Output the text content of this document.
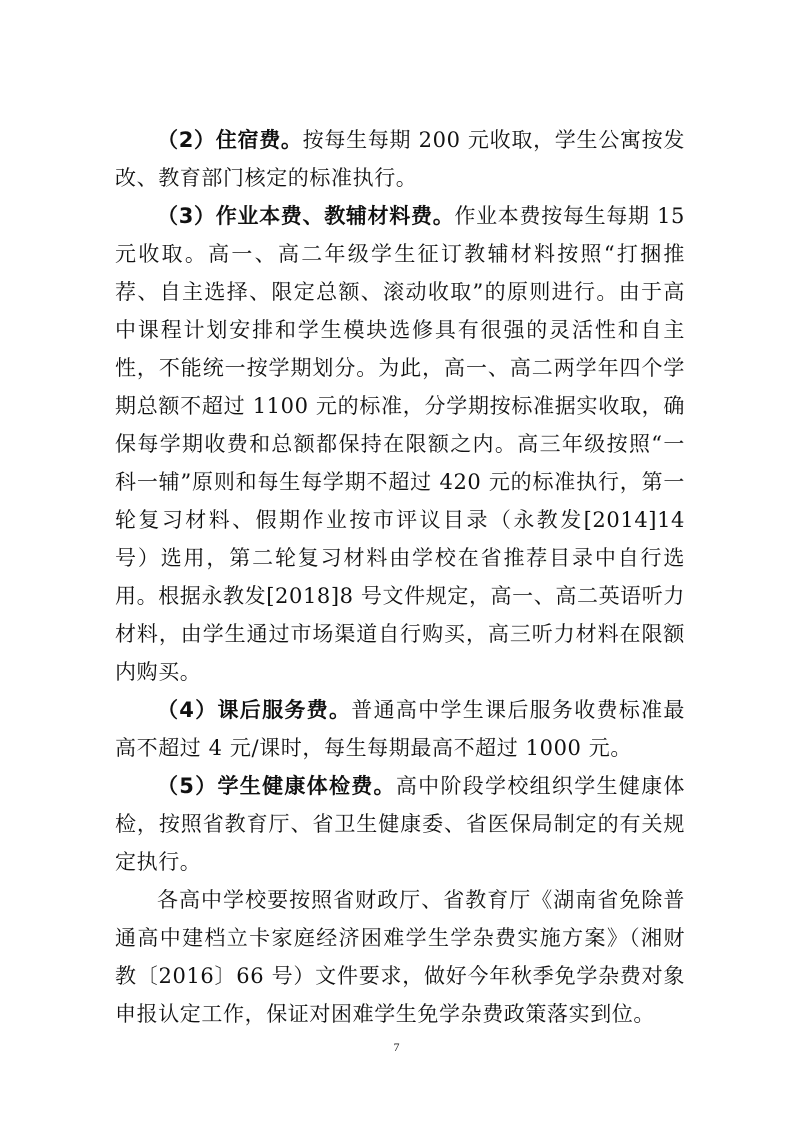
（2）住宿费。按每生每期 200 元收取，学生公寓按发改、教育部门核定的标准执行。

（3）作业本费、教辅材料费。作业本费按每生每期 15 元收取。高一、高二年级学生征订教辅材料按照“打捆推荐、自主选择、限定总额、滚动收取”的原则进行。由于高中课程计划安排和学生模块选修具有很强的灵活性和自主性，不能统一按学期划分。为此，高一、高二两学年四个学期总额不超过 1100 元的标准，分学期按标准据实收取，确保每学期收费和总额都保持在限额之内。高三年级按照“一科一辅”原则和每生每学期不超过 420 元的标准执行，第一轮复习材料、假期作业按市评议目录（永教发[2014]14 号）选用，第二轮复习材料由学校在省推荐目录中自行选用。根据永教发[2018]8 号文件规定，高一、高二英语听力材料，由学生通过市场渠道自行购买，高三听力材料在限额内购买。

（4）课后服务费。普通高中学生课后服务收费标准最高不超过 4 元/课时，每生每期最高不超过 1000 元。

（5）学生健康体检费。高中阶段学校组织学生健康体检，按照省教育厅、省卫生健康委、省医保局制定的有关规定执行。

各高中学校要按照省财政厅、省教育厅《湖南省免除普通高中建档立卡家庭经济困难学生学杂费实施方案》（湘财教〔2016〕66 号）文件要求，做好今年秋季免学杂费对象申报认定工作，保证对困难学生免学杂费政策落实到位。

7
